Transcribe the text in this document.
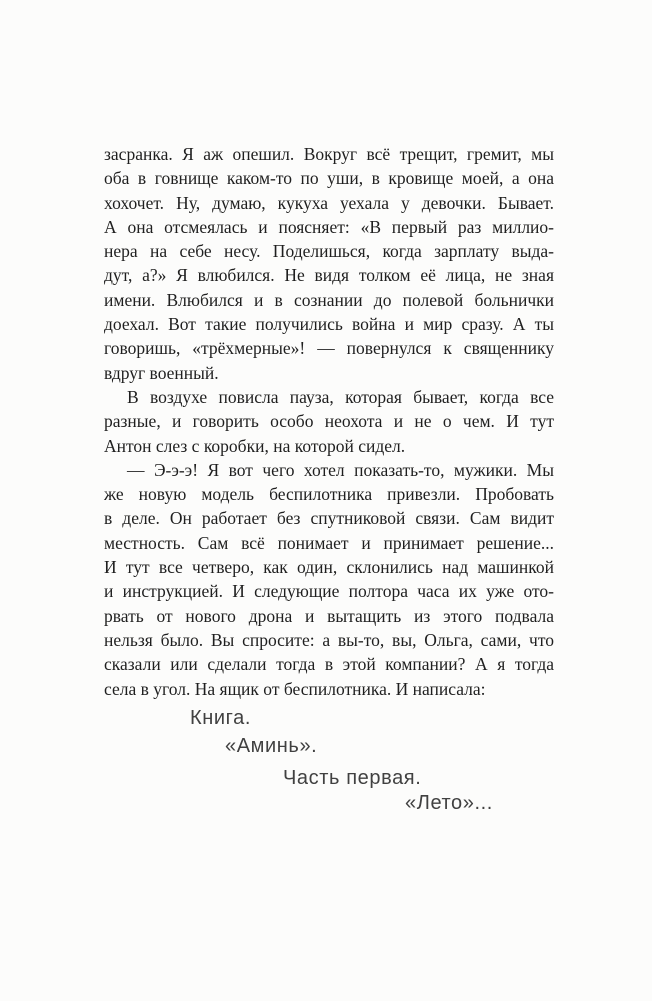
засранка. Я аж опешил. Вокруг всё трещит, гремит, мы
оба в говнище каком-то по уши, в кровище моей, а она
хохочет. Ну, думаю, кукуха уехала у девочки. Бывает.
А она отсмеялась и поясняет: «В первый раз миллио-
нера на себе несу. Поделишься, когда зарплату выда-
дут, а?» Я влюбился. Не видя толком её лица, не зная
имени. Влюбился и в сознании до полевой больнички
доехал. Вот такие получились война и мир сразу. А ты
говоришь, «трёхмерные»! — повернулся к священнику
вдруг военный.
В воздухе повисла пауза, которая бывает, когда все
разные, и говорить особо неохота и не о чем. И тут
Антон слез с коробки, на которой сидел.
— Э-э-э! Я вот чего хотел показать-то, мужики. Мы
же новую модель беспилотника привезли. Пробовать
в деле. Он работает без спутниковой связи. Сам видит
местность. Сам всё понимает и принимает решение...
И тут все четверо, как один, склонились над машинкой
и инструкцией. И следующие полтора часа их уже ото-
рвать от нового дрона и вытащить из этого подвала
нельзя было. Вы спросите: а вы-то, вы, Ольга, сами, что
сказали или сделали тогда в этой компании? А я тогда
села в угол. На ящик от беспилотника. И написала:
Книга.
«Аминь».
Часть первая.
«Лето»...
